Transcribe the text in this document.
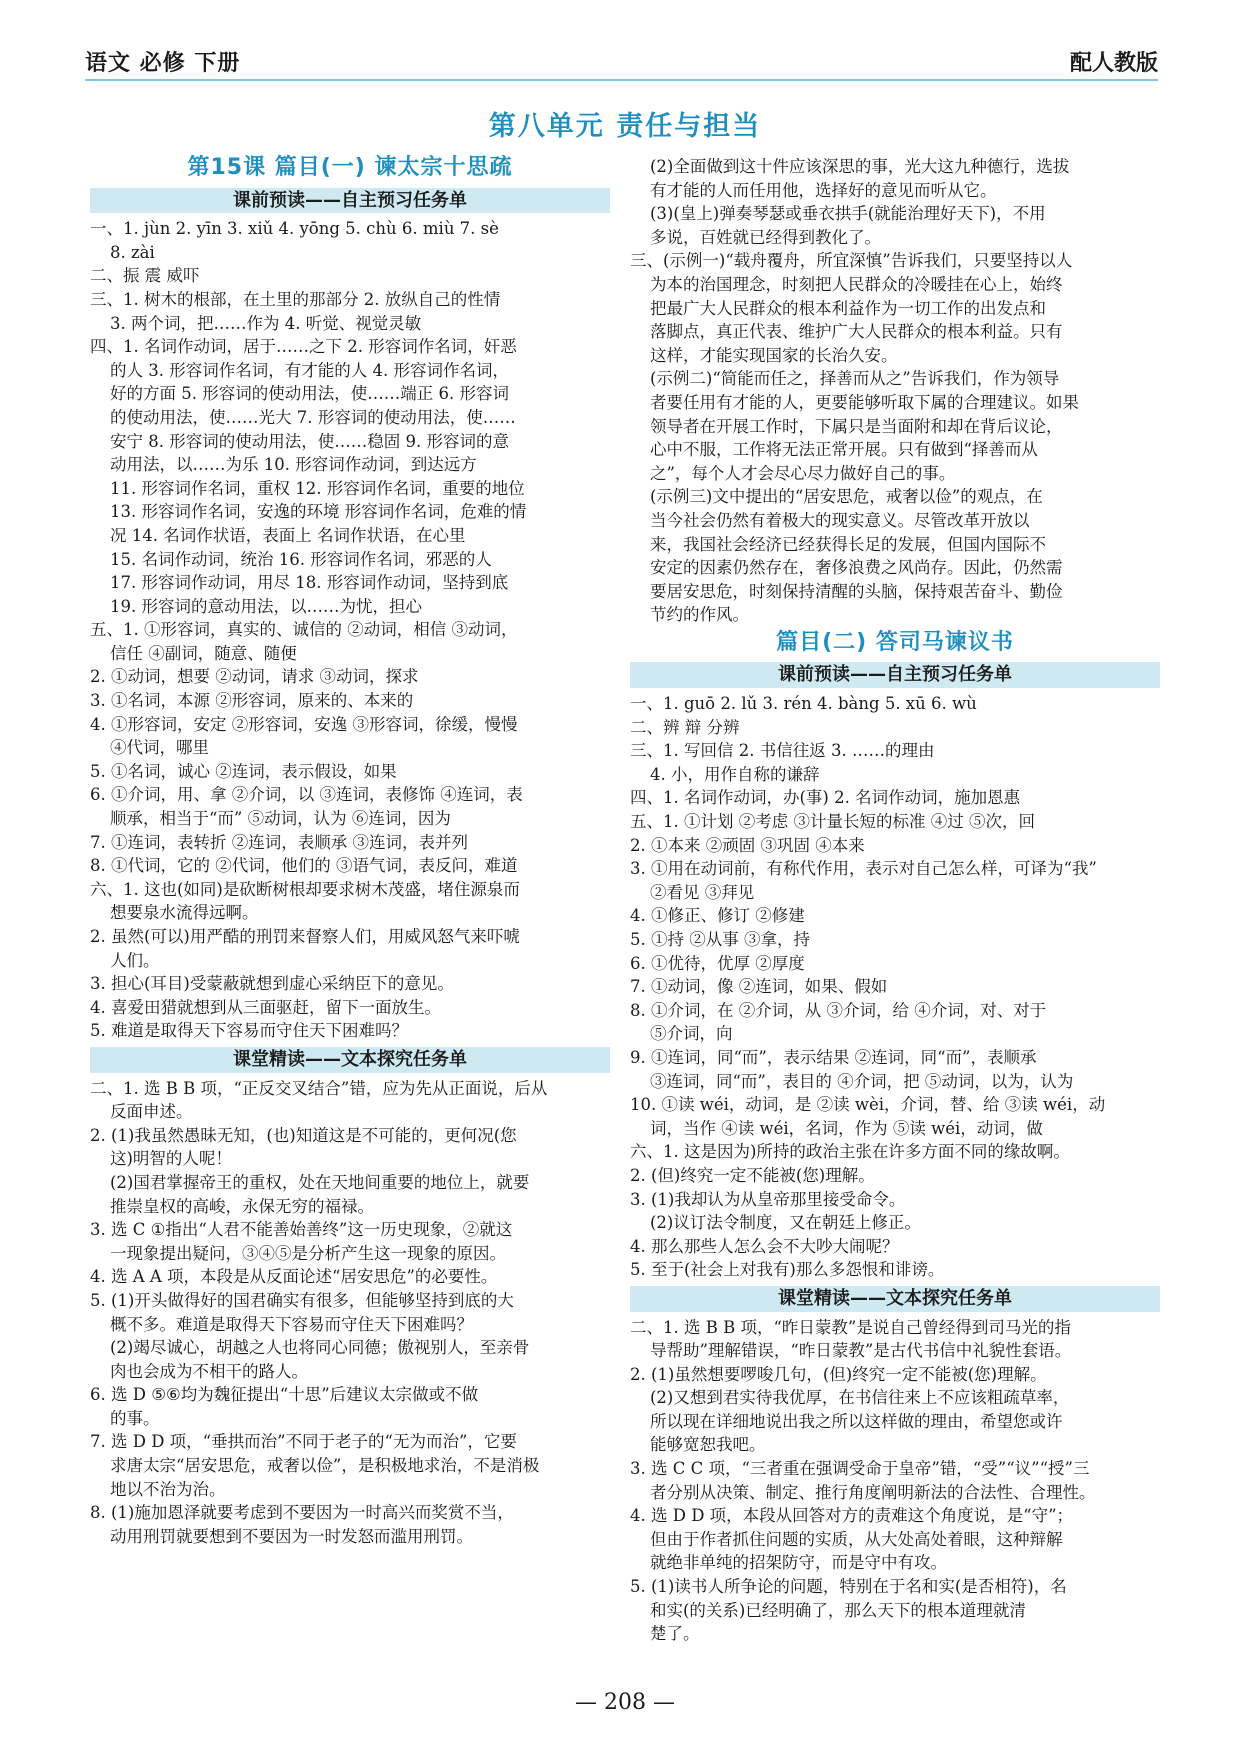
语文 必修 下册	配人教版
第八单元 责任与担当
第15课 篇目(一) 谏太宗十思疏
课前预读——自主预习任务单
一、1. jùn 2. yīn 3. xiǔ 4. yōng 5. chù 6. miù 7. sè
8. zài
二、振 震 威吓
三、1. 树木的根部，在土里的那部分 2. 放纵自己的性情
3. 两个词，把……作为 4. 听觉、视觉灵敏
四、1. 名词作动词，居于……之下 2. 形容词作名词，奸恶
的人 3. 形容词作名词，有才能的人 4. 形容词作名词，
好的方面 5. 形容词的使动用法，使……端正 6. 形容词
的使动用法，使……光大 7. 形容词的使动用法，使……
安宁 8. 形容词的使动用法，使……稳固 9. 形容词的意
动用法，以……为乐 10. 形容词作动词，到达远方
11. 形容词作名词，重权 12. 形容词作名词，重要的地位
13. 形容词作名词，安逸的环境 形容词作名词，危难的情
况 14. 名词作状语，表面上 名词作状语，在心里
15. 名词作动词，统治 16. 形容词作名词，邪恶的人
17. 形容词作动词，用尽 18. 形容词作动词，坚持到底
19. 形容词的意动用法，以……为忧，担心
五、1. ①形容词，真实的、诚信的 ②动词，相信 ③动词，
信任 ④副词，随意、随便
2. ①动词，想要 ②动词，请求 ③动词，探求
3. ①名词，本源 ②形容词，原来的、本来的
4. ①形容词，安定 ②形容词，安逸 ③形容词，徐缓，慢慢
④代词，哪里
5. ①名词，诚心 ②连词，表示假设，如果
6. ①介词，用、拿 ②介词，以 ③连词，表修饰 ④连词，表
顺承，相当于“而” ⑤动词，认为 ⑥连词，因为
7. ①连词，表转折 ②连词，表顺承 ③连词，表并列
8. ①代词，它的 ②代词，他们的 ③语气词，表反问，难道
六、1. 这也(如同)是砍断树根却要求树木茂盛，堵住源泉而
想要泉水流得远啊。
2. 虽然(可以)用严酷的刑罚来督察人们，用威风怒气来吓唬
人们。
3. 担心(耳目)受蒙蔽就想到虚心采纳臣下的意见。
4. 喜爱田猎就想到从三面驱赶，留下一面放生。
5. 难道是取得天下容易而守住天下困难吗？
课堂精读——文本探究任务单
二、1. 选 B B 项，“正反交叉结合”错，应为先从正面说，后从
反面申述。
2. (1)我虽然愚昧无知，(也)知道这是不可能的，更何况(您
这)明智的人呢！
(2)国君掌握帝王的重权，处在天地间重要的地位上，就要
推崇皇权的高峻，永保无穷的福禄。
3. 选 C ①指出“人君不能善始善终”这一历史现象，②就这
一现象提出疑问，③④⑤是分析产生这一现象的原因。
4. 选 A A 项，本段是从反面论述“居安思危”的必要性。
5. (1)开头做得好的国君确实有很多，但能够坚持到底的大
概不多。难道是取得天下容易而守住天下困难吗？
(2)竭尽诚心，胡越之人也将同心同德；傲视别人，至亲骨
肉也会成为不相干的路人。
6. 选 D ⑤⑥均为魏征提出“十思”后建议太宗做或不做
的事。
7. 选 D D 项，“垂拱而治”不同于老子的“无为而治”，它要
求唐太宗“居安思危，戒奢以俭”，是积极地求治，不是消极
地以不治为治。
8. (1)施加恩泽就要考虑到不要因为一时高兴而奖赏不当，
动用刑罚就要想到不要因为一时发怒而滥用刑罚。
(2)全面做到这十件应该深思的事，光大这九种德行，选拔
有才能的人而任用他，选择好的意见而听从它。
(3)(皇上)弹奏琴瑟或垂衣拱手(就能治理好天下)，不用
多说，百姓就已经得到教化了。
三、(示例一)“载舟覆舟，所宜深慎”告诉我们，只要坚持以人
为本的治国理念，时刻把人民群众的冷暖挂在心上，始终
把最广大人民群众的根本利益作为一切工作的出发点和
落脚点，真正代表、维护广大人民群众的根本利益。只有
这样，才能实现国家的长治久安。
(示例二)“简能而任之，择善而从之”告诉我们，作为领导
者要任用有才能的人，更要能够听取下属的合理建议。如果
领导者在开展工作时，下属只是当面附和却在背后议论，
心中不服，工作将无法正常开展。只有做到“择善而从
之”，每个人才会尽心尽力做好自己的事。
(示例三)文中提出的“居安思危，戒奢以俭”的观点，在
当今社会仍然有着极大的现实意义。尽管改革开放以
来，我国社会经济已经获得长足的发展，但国内国际不
安定的因素仍然存在，奢侈浪费之风尚存。因此，仍然需
要居安思危，时刻保持清醒的头脑，保持艰苦奋斗、勤俭
节约的作风。
篇目(二) 答司马谏议书
课前预读——自主预习任务单
一、1. guō 2. lǔ 3. rén 4. bàng 5. xū 6. wù
二、辨 辩 分辨
三、1. 写回信 2. 书信往返 3. ……的理由
4. 小，用作自称的谦辞
四、1. 名词作动词，办(事) 2. 名词作动词，施加恩惠
五、1. ①计划 ②考虑 ③计量长短的标准 ④过 ⑤次，回
2. ①本来 ②顽固 ③巩固 ④本来
3. ①用在动词前，有称代作用，表示对自己怎么样，可译为“我”
②看见 ③拜见
4. ①修正、修订 ②修建
5. ①持 ②从事 ③拿，持
6. ①优待，优厚 ②厚度
7. ①动词，像 ②连词，如果、假如
8. ①介词，在 ②介词，从 ③介词，给 ④介词，对、对于
⑤介词，向
9. ①连词，同“而”，表示结果 ②连词，同“而”，表顺承
③连词，同“而”，表目的 ④介词，把 ⑤动词，以为，认为
10. ①读 wéi，动词，是 ②读 wèi，介词，替、给 ③读 wéi，动
词，当作 ④读 wéi，名词，作为 ⑤读 wéi，动词，做
六、1. 这是因为)所持的政治主张在许多方面不同的缘故啊。
2. (但)终究一定不能被(您)理解。
3. (1)我却认为从皇帝那里接受命令。
(2)议订法令制度，又在朝廷上修正。
4. 那么那些人怎么会不大吵大闹呢？
5. 至于(社会上对我有)那么多怨恨和诽谤。
课堂精读——文本探究任务单
二、1. 选 B B 项，“昨日蒙教”是说自己曾经得到司马光的指
导帮助”理解错误，“昨日蒙教”是古代书信中礼貌性套语。
2. (1)虽然想要啰唆几句，(但)终究一定不能被(您)理解。
(2)又想到君实待我优厚，在书信往来上不应该粗疏草率，
所以现在详细地说出我之所以这样做的理由，希望您或许
能够宽恕我吧。
3. 选 C C 项，“三者重在强调受命于皇帝”错，“受”“议”“授”三
者分别从决策、制定、推行角度阐明新法的合法性、合理性。
4. 选 D D 项，本段从回答对方的责难这个角度说，是“守”；
但由于作者抓住问题的实质，从大处高处着眼，这种辩解
就绝非单纯的招架防守，而是守中有攻。
5. (1)读书人所争论的问题，特别在于名和实(是否相符)，名
和实(的关系)已经明确了，那么天下的根本道理就清
楚了。
— 208 —
